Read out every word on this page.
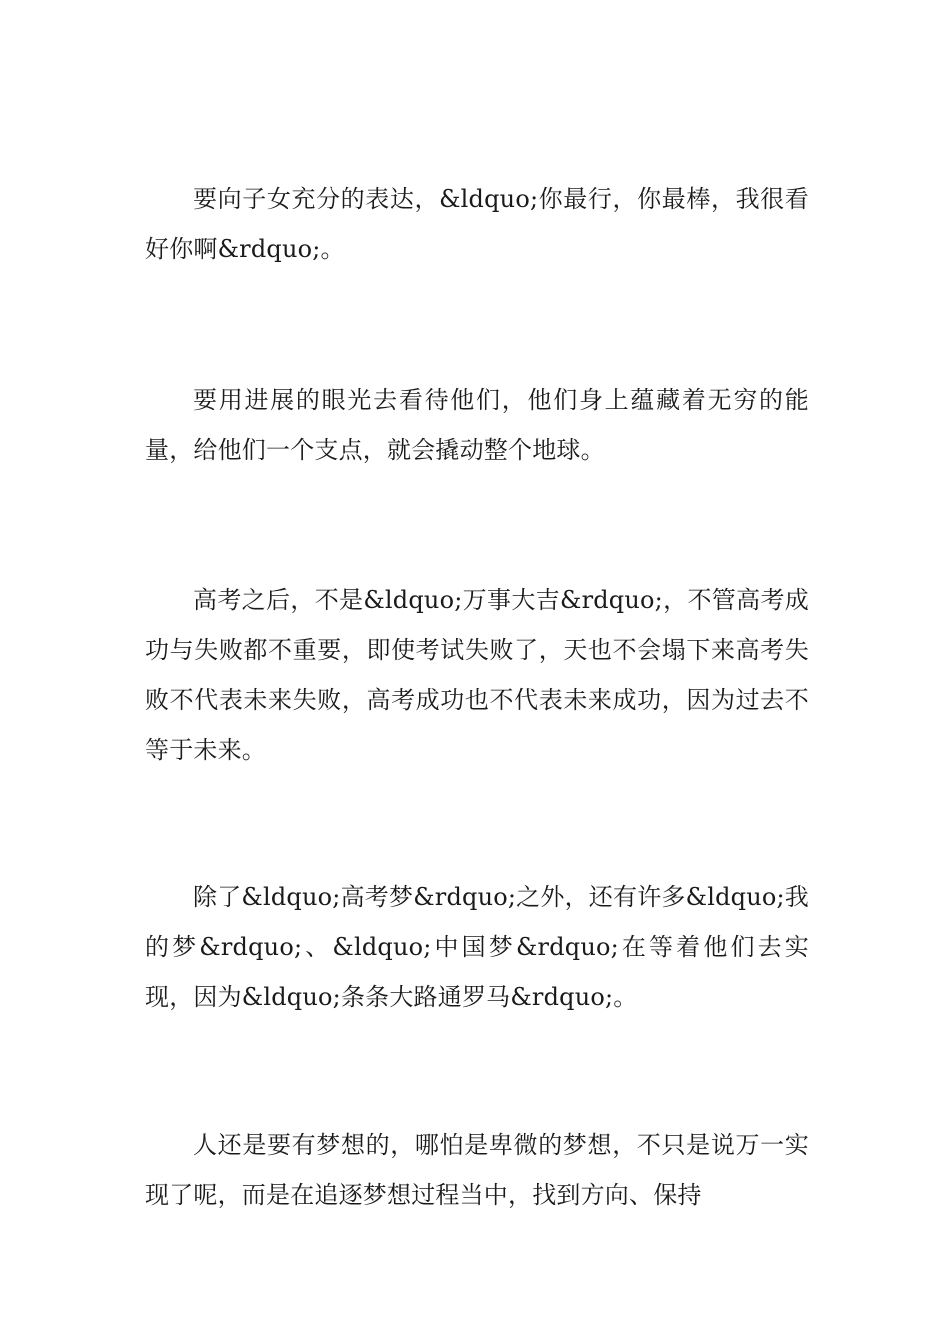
要向子女充分的表达，&ldquo;你最行，你最棒，我很看好你啊&rdquo;。

要用进展的眼光去看待他们，他们身上蕴藏着无穷的能量，给他们一个支点，就会撬动整个地球。

高考之后，不是&ldquo;万事大吉&rdquo;，不管高考成功与失败都不重要，即使考试失败了，天也不会塌下来高考失败不代表未来失败，高考成功也不代表未来成功，因为过去不等于未来。

除了&ldquo;高考梦&rdquo;之外，还有许多&ldquo;我的梦&rdquo;、&ldquo;中国梦&rdquo;在等着他们去实现，因为&ldquo;条条大路通罗马&rdquo;。

人还是要有梦想的，哪怕是卑微的梦想，不只是说万一实现了呢，而是在追逐梦想过程当中，找到方向、保持
